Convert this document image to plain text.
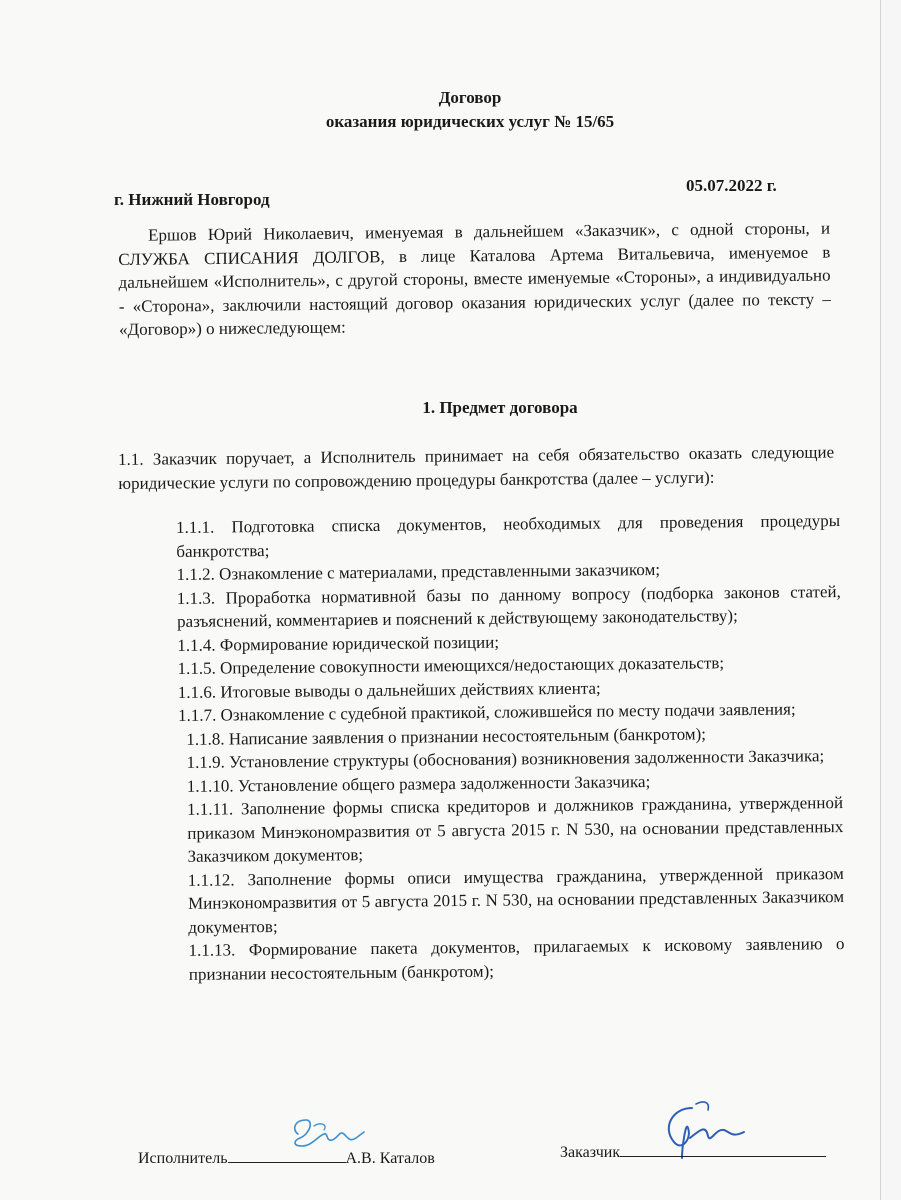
Договор
оказания юридических услуг № 15/65
г. Нижний Новгород
05.07.2022 г.
Ершов Юрий Николаевич, именуемая в дальнейшем «Заказчик», с одной стороны, и СЛУЖБА СПИСАНИЯ ДОЛГОВ, в лице Каталова Артема Витальевича, именуемое в дальнейшем «Исполнитель», с другой стороны, вместе именуемые «Стороны», а индивидуально - «Сторона», заключили настоящий договор оказания юридических услуг (далее по тексту – «Договор») о нижеследующем:
1. Предмет договора
1.1. Заказчик поручает, а Исполнитель принимает на себя обязательство оказать следующие юридические услуги по сопровождению процедуры банкротства (далее – услуги):
1.1.1. Подготовка списка документов, необходимых для проведения процедуры банкротства;
1.1.2. Ознакомление с материалами, представленными заказчиком;
1.1.3. Проработка нормативной базы по данному вопросу (подборка законов статей, разъяснений, комментариев и пояснений к действующему законодательству);
1.1.4. Формирование юридической позиции;
1.1.5. Определение совокупности имеющихся/недостающих доказательств;
1.1.6. Итоговые выводы о дальнейших действиях клиента;
1.1.7. Ознакомление с судебной практикой, сложившейся по месту подачи заявления;
1.1.8. Написание заявления о признании несостоятельным (банкротом);
1.1.9. Установление структуры (обоснования) возникновения задолженности Заказчика;
1.1.10. Установление общего размера задолженности Заказчика;
1.1.11. Заполнение формы списка кредиторов и должников гражданина, утвержденной приказом Минэкономразвития от 5 августа 2015 г. N 530, на основании представленных Заказчиком документов;
1.1.12. Заполнение формы описи имущества гражданина, утвержденной приказом Минэкономразвития от 5 августа 2015 г. N 530, на основании представленных Заказчиком документов;
1.1.13. Формирование пакета документов, прилагаемых к исковому заявлению о признании несостоятельным (банкротом);
Исполнитель	А.В. Каталов	Заказчик
